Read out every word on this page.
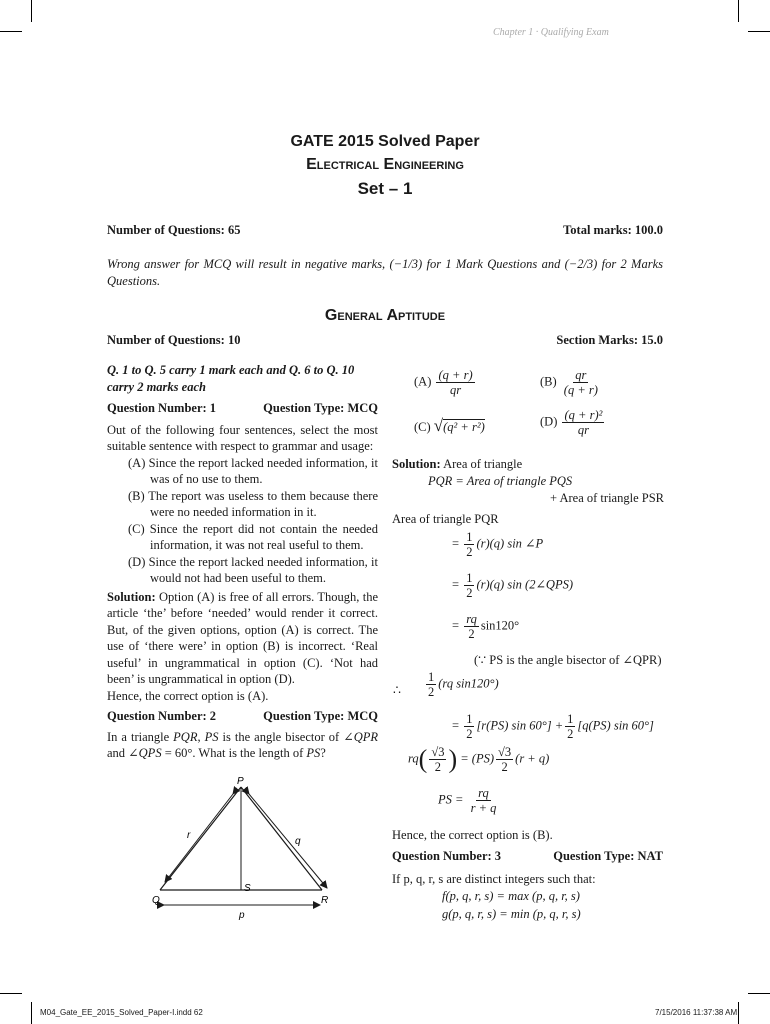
Chapter 1 · Qualifying Exam
GATE 2015 Solved Paper
Electrical Engineering
Set – 1
Number of Questions: 65	Total marks: 100.0
Wrong answer for MCQ will result in negative marks, (−1/3) for 1 Mark Questions and (−2/3) for 2 Marks Questions.
General Aptitude
Number of Questions: 10	Section Marks: 15.0
Q. 1 to Q. 5 carry 1 mark each and Q. 6 to Q. 10 carry 2 marks each
Question Number: 1	Question Type: MCQ
Out of the following four sentences, select the most suitable sentence with respect to grammar and usage:
(A) Since the report lacked needed information, it was of no use to them.
(B) The report was useless to them because there were no needed information in it.
(C) Since the report did not contain the needed information, it was not real useful to them.
(D) Since the report lacked needed information, it would not had been useful to them.
Solution: Option (A) is free of all errors. Though, the article ‘the’ before ‘needed’ would render it correct. But, of the given options, option (A) is correct. The use of ‘there were’ in option (B) is incorrect. ‘Real useful’ in ungrammatical in option (C). ‘Not had been’ is ungrammatical in option (D).
Hence, the correct option is (A).
Question Number: 2	Question Type: MCQ
In a triangle PQR, PS is the angle bisector of ∠QPR and ∠QPS = 60°. What is the length of PS?
P
Q	R
S
r
q
p
$(A) \frac{(q + r)}{qr}$	$(B) \frac{qr}{(q + r)}$
(C) √(q² + r²)	$(D) \frac{\text{(q + r)²}}{qr}$
Solution: Area of triangle
PQR = Area of triangle PQS
+ Area of triangle PSR
Area of triangle PQR
= $\frac{1}{2} (r)(q)$ sin ∠P
= $\frac{1}{2} (r)(q)$ sin (2∠QPS)
= $\frac{rq}{2} \sin 120^\circ$
(∵ PS is the angle bisector of ∠QPR)
∴ $\frac{1}{2} (rq$ sin120°)
= $\frac{1}{2} [r(PS)$ $\sin 60^\circ] + \frac{1}{2} [q(PS)$ sin 60°]
$rq( \frac{√3}{2}$ ) = $(PS) \frac{√3}{2} (r + q)$
PS = $\frac{rq}{r + q}$
Hence, the correct option is (B).
Question Number: 3	Question Type: NAT
If p, q, r, s are distinct integers such that:
f(p, q, r, s) = max (p, q, r, s)
g(p, q, r, s) = min (p, q, r, s)
M04_Gate_EE_2015_Solved_Paper-I.indd 62	7/15/2016 11:37:38 AM
